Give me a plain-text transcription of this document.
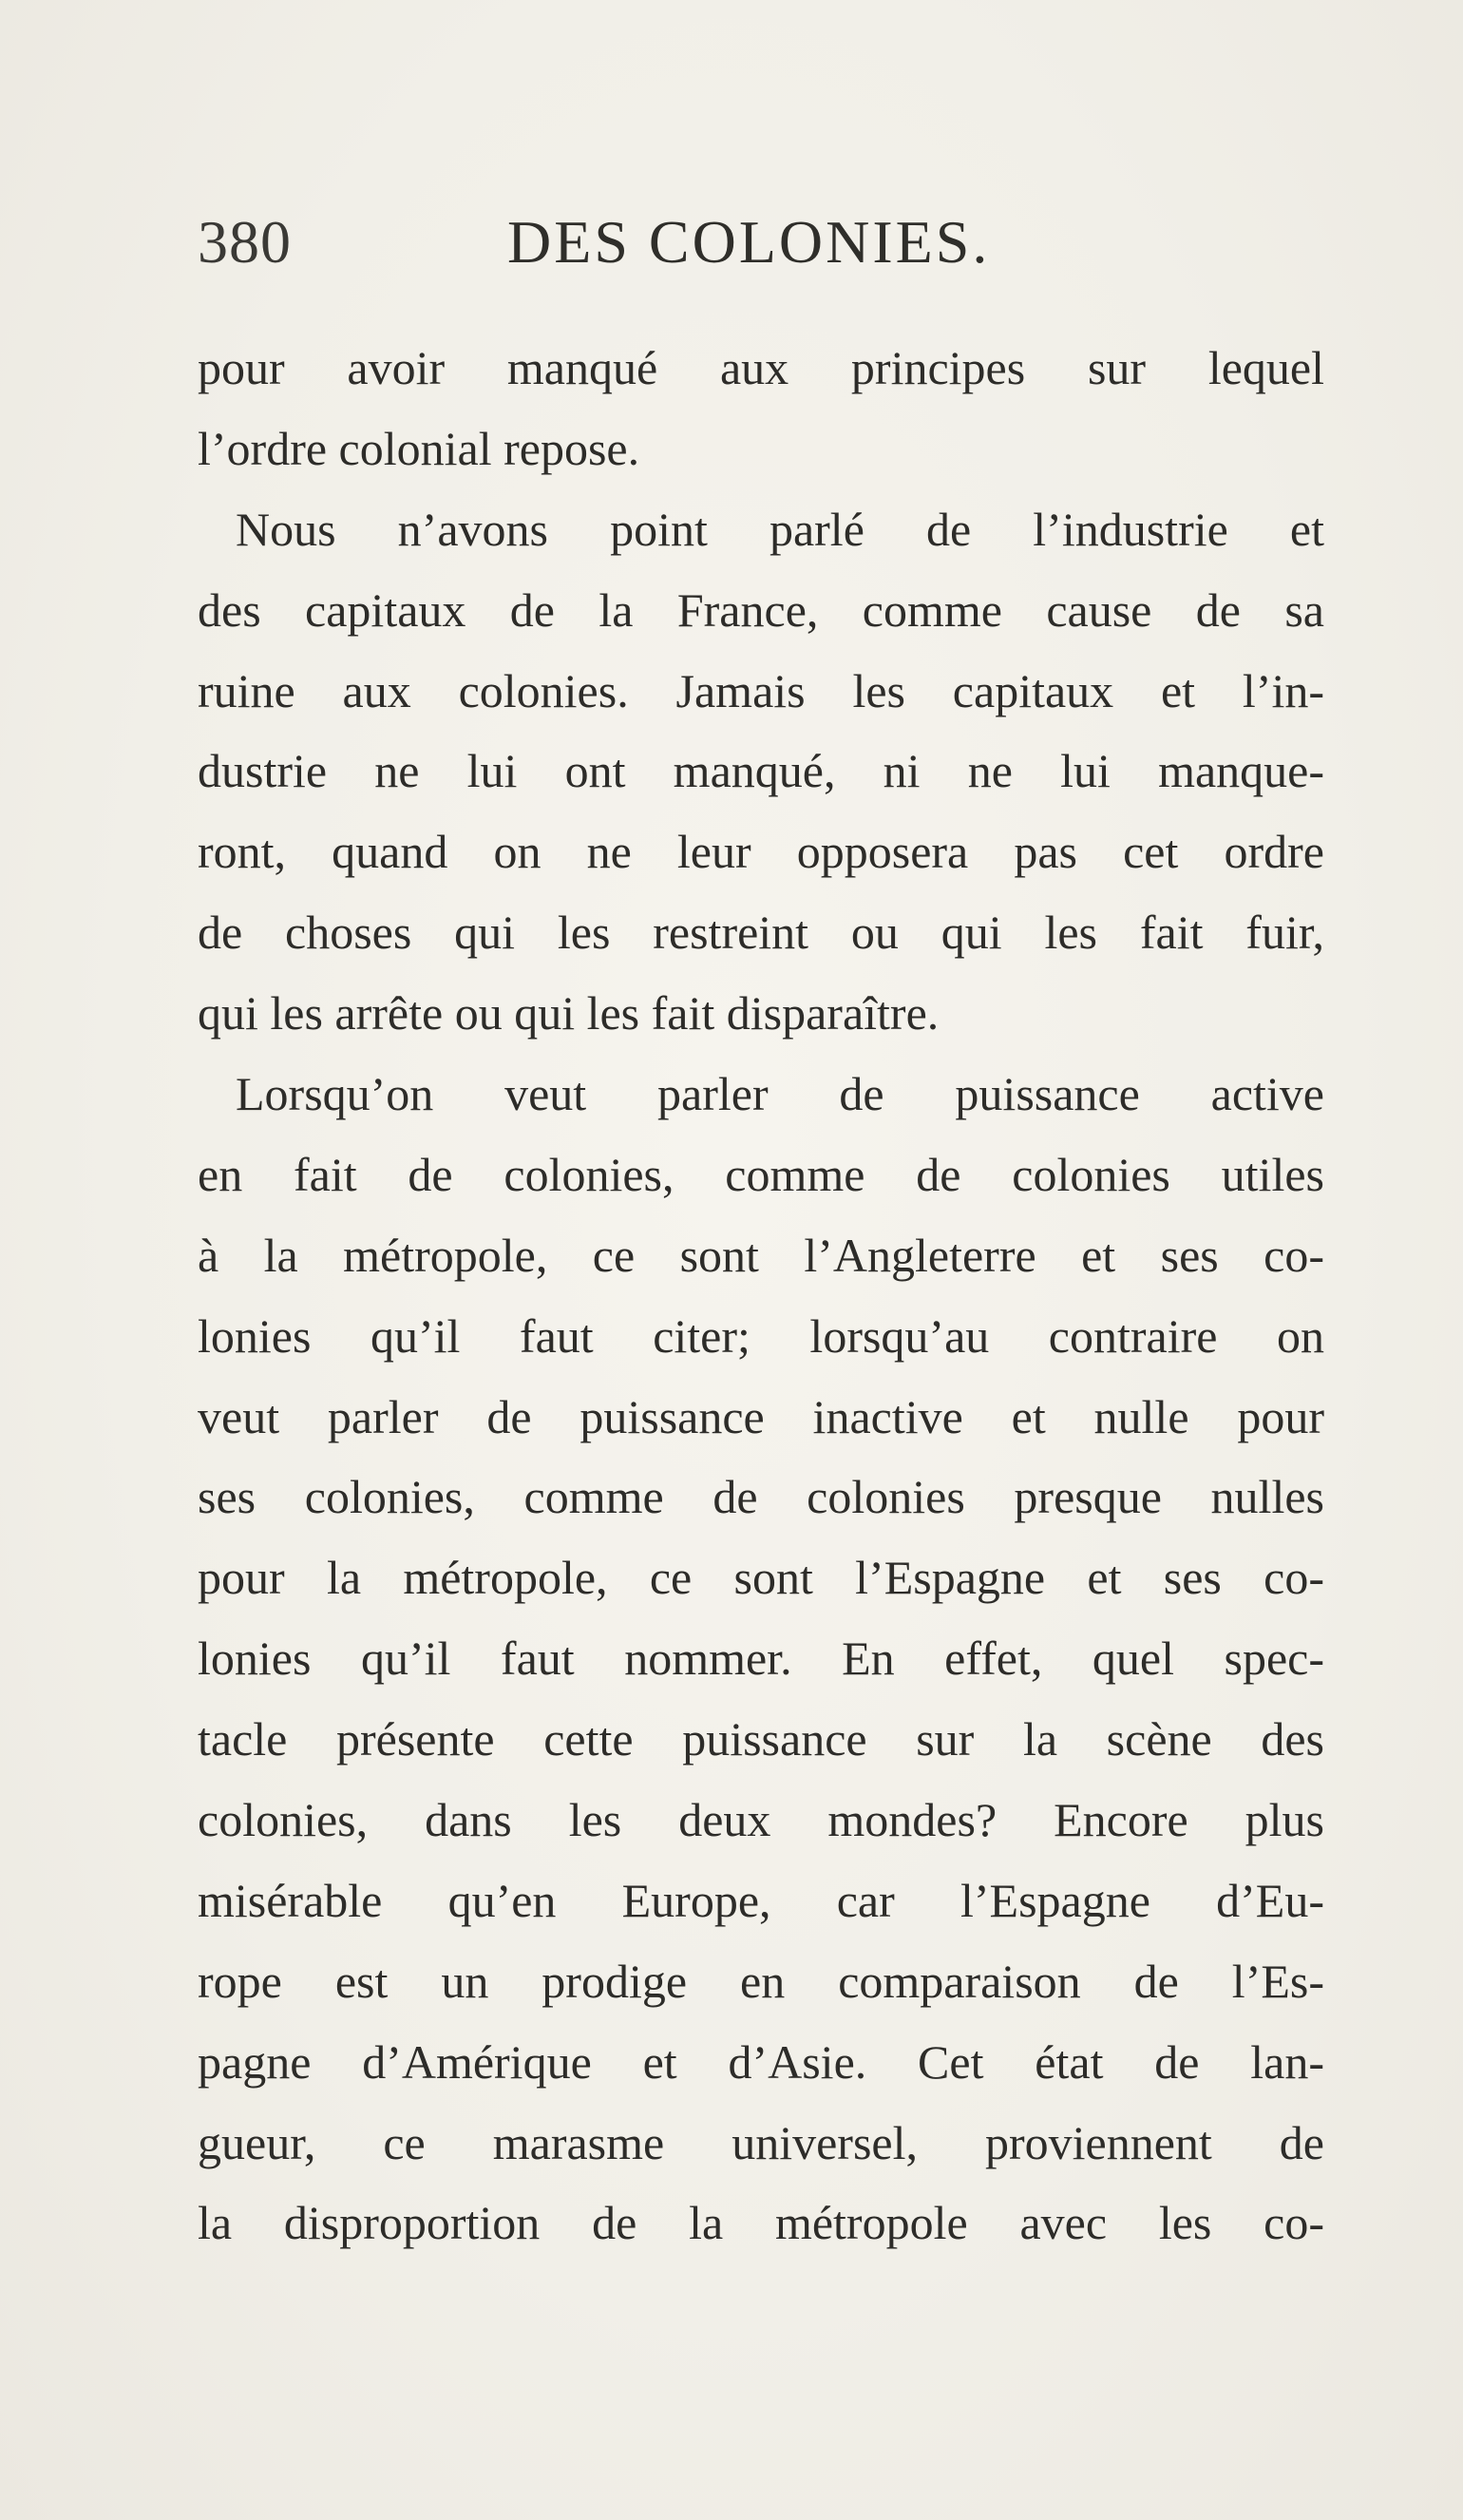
380	DES COLONIES.
pour avoir manqué aux principes sur lequel
l’ordre colonial repose.
Nous n’avons point parlé de l’industrie et
des capitaux de la France, comme cause de sa
ruine aux colonies. Jamais les capitaux et l’in-
dustrie ne lui ont manqué, ni ne lui manque-
ront, quand on ne leur opposera pas cet ordre
de choses qui les restreint ou qui les fait fuir,
qui les arrête ou qui les fait disparaître.
Lorsqu’on veut parler de puissance active
en fait de colonies, comme de colonies utiles
à la métropole, ce sont l’Angleterre et ses co-
lonies qu’il faut citer; lorsqu’au contraire on
veut parler de puissance inactive et nulle pour
ses colonies, comme de colonies presque nulles
pour la métropole, ce sont l’Espagne et ses co-
lonies qu’il faut nommer. En effet, quel spec-
tacle présente cette puissance sur la scène des
colonies, dans les deux mondes? Encore plus
misérable qu’en Europe, car l’Espagne d’Eu-
rope est un prodige en comparaison de l’Es-
pagne d’Amérique et d’Asie. Cet état de lan-
gueur, ce marasme universel, proviennent de
la disproportion de la métropole avec les co-
